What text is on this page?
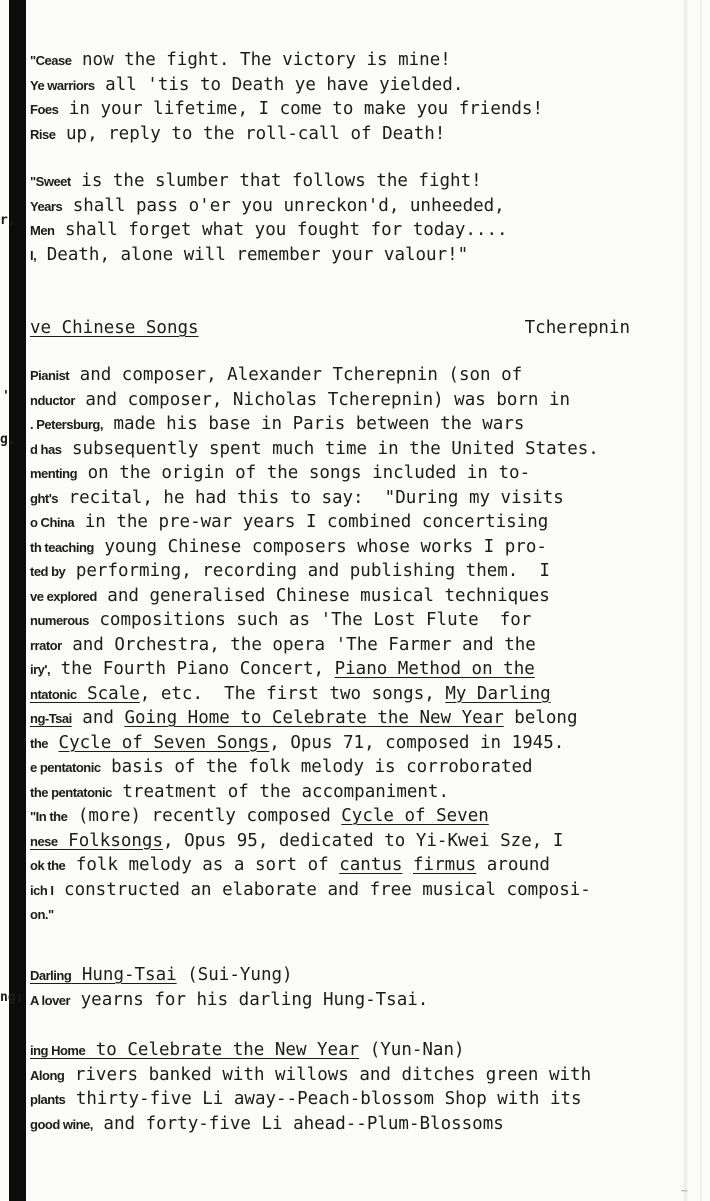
r,
'
g,
ng;
"Cease now the fight. The victory is mine!
Ye warriors all 'tis to Death ye have yielded.
Foes in your lifetime, I come to make you friends!
Rise up, reply to the roll-call of Death!
"Sweet is the slumber that follows the fight!
Years shall pass o'er you unreckon'd, unheeded,
Men shall forget what you fought for today....
I, Death, alone will remember your valour!"
ve Chinese Songs	Tcherepnin
Pianist and composer, Alexander Tcherepnin (son of
nductor and composer, Nicholas Tcherepnin) was born in
. Petersburg, made his base in Paris between the wars
d has subsequently spent much time in the United States.
menting on the origin of the songs included in to-
ght's recital, he had this to say:  "During my visits
o China in the pre-war years I combined concertising
th teaching young Chinese composers whose works I pro-
ted by performing, recording and publishing them.  I
ve explored and generalised Chinese musical techniques
numerous compositions such as 'The Lost Flute  for
rrator and Orchestra, the opera 'The Farmer and the
iry', the Fourth Piano Concert, Piano Method on the
ntatonic Scale, etc.  The first two songs, My Darling
ng-Tsai and Going Home to Celebrate the New Year belong
the Cycle of Seven Songs, Opus 71, composed in 1945.
e pentatonic basis of the folk melody is corroborated
the pentatonic treatment of the accompaniment.
"In the (more) recently composed Cycle of Seven
nese Folksongs, Opus 95, dedicated to Yi-Kwei Sze, I
ok the folk melody as a sort of cantus firmus around
ich I constructed an elaborate and free musical composi-
on."
Darling Hung-Tsai (Sui-Yung)
A lover yearns for his darling Hung-Tsai.
ing Home to Celebrate the New Year (Yun-Nan)
Along rivers banked with willows and ditches green with
plants thirty-five Li away--Peach-blossom Shop with its
good wine, and forty-five Li ahead--Plum-Blossoms
~
